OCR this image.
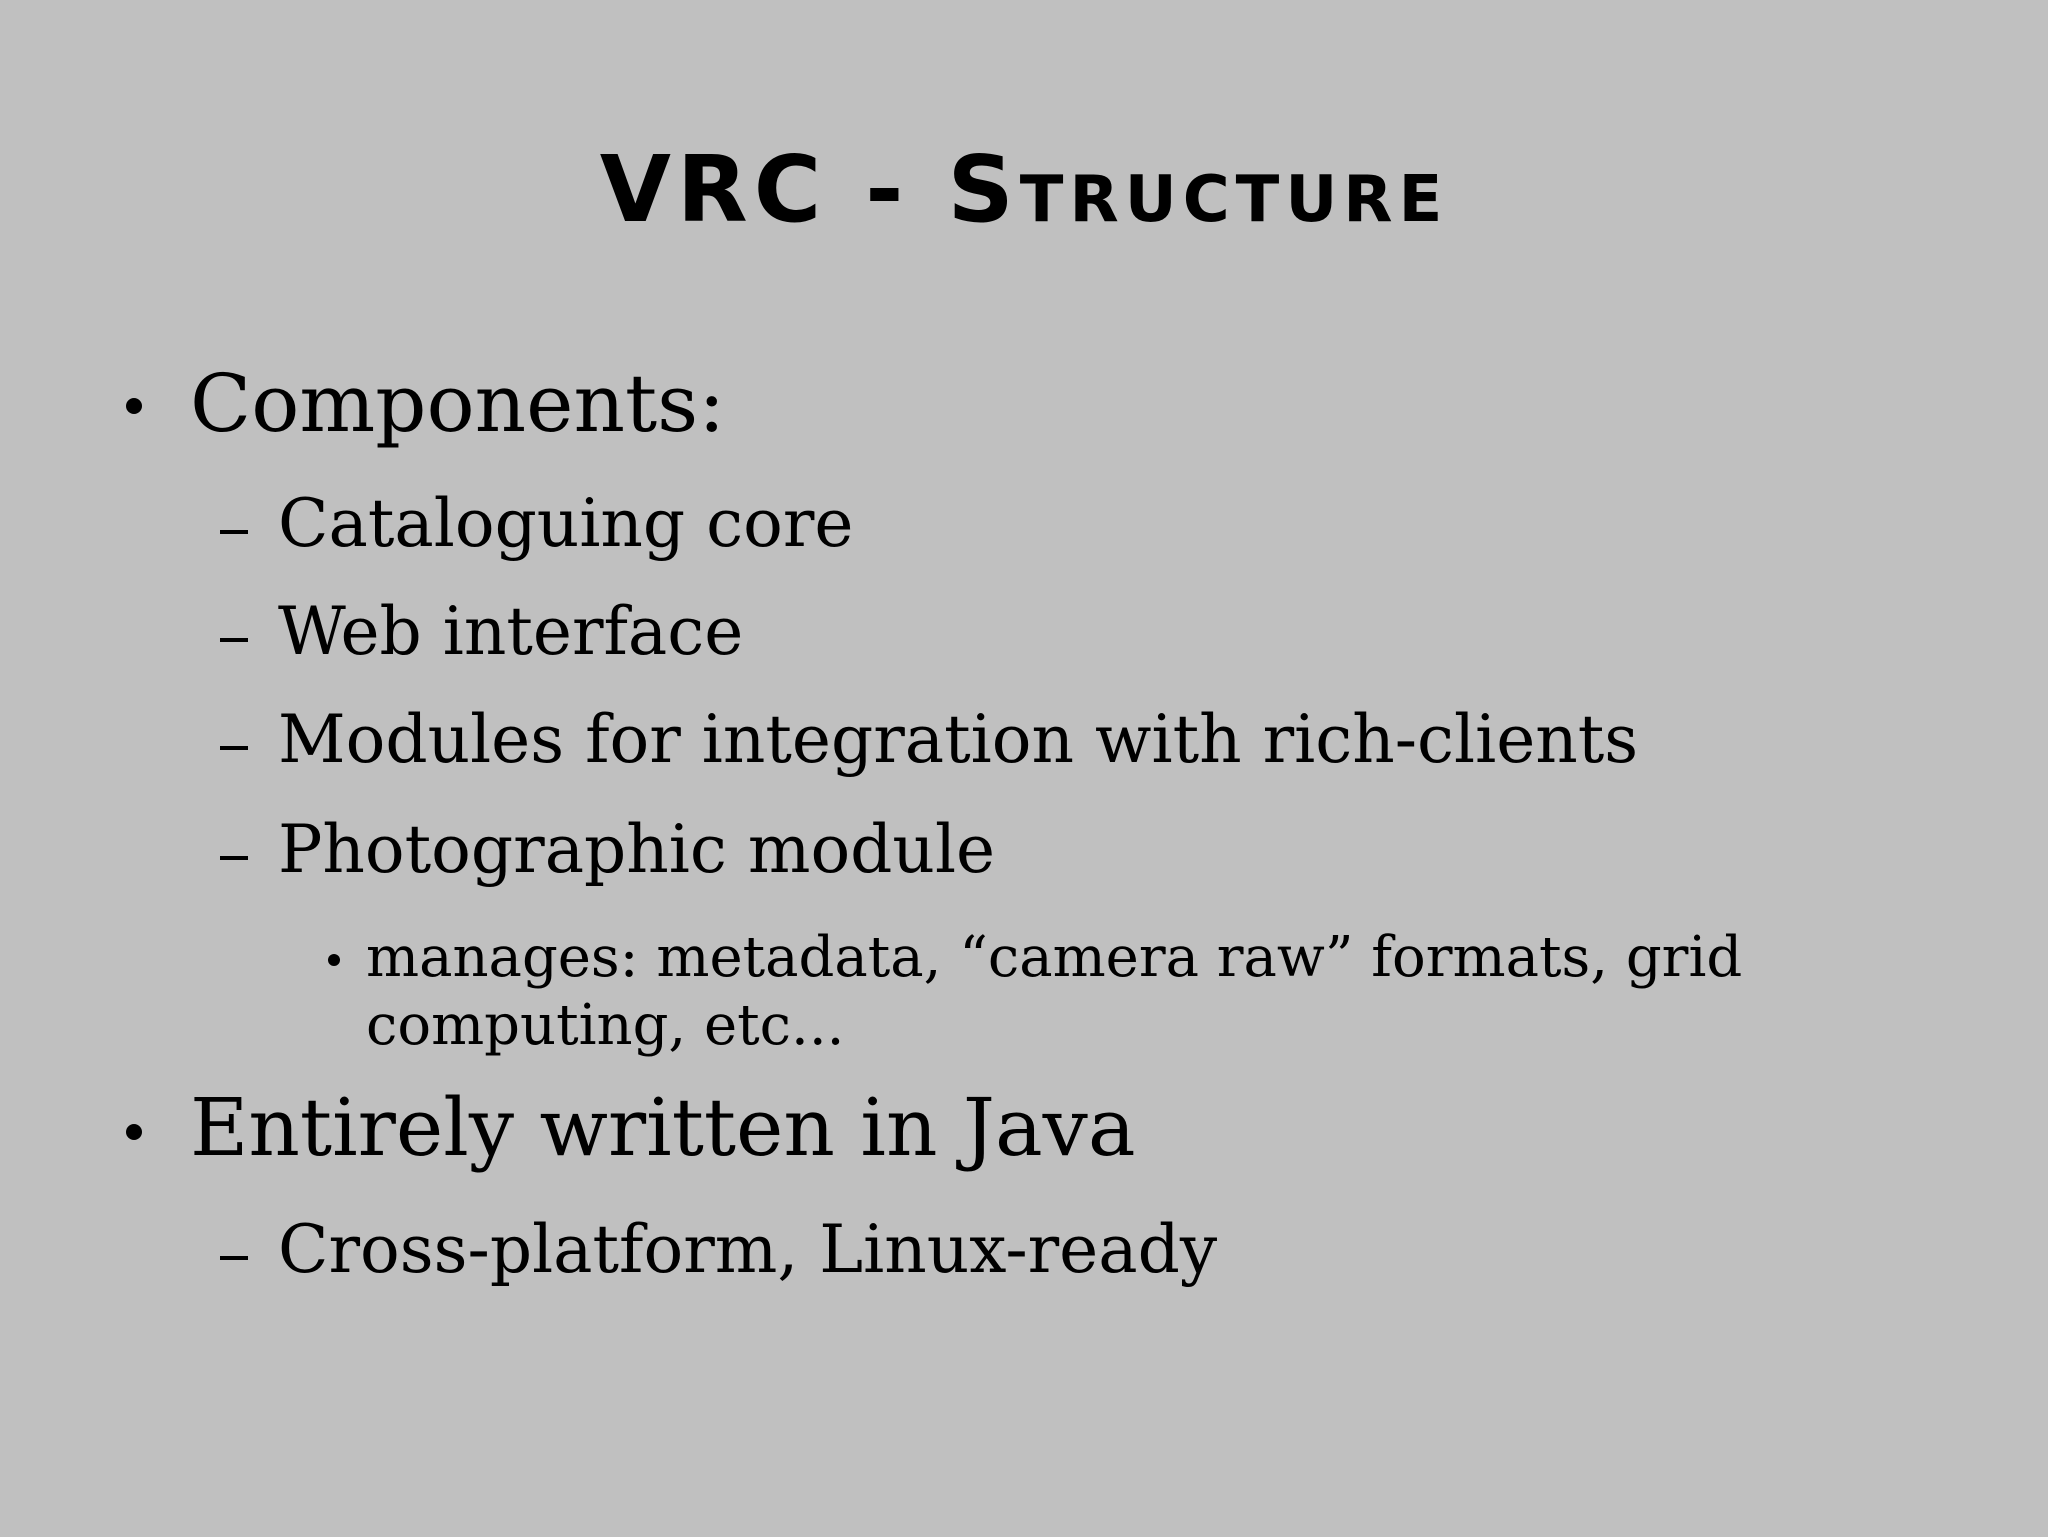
VRC - Structure
Components:
Cataloguing core
Web interface
Modules for integration with rich-clients
Photographic module
manages: metadata, “camera raw” formats, grid
computing, etc...
Entirely written in Java
Cross-platform, Linux-ready
